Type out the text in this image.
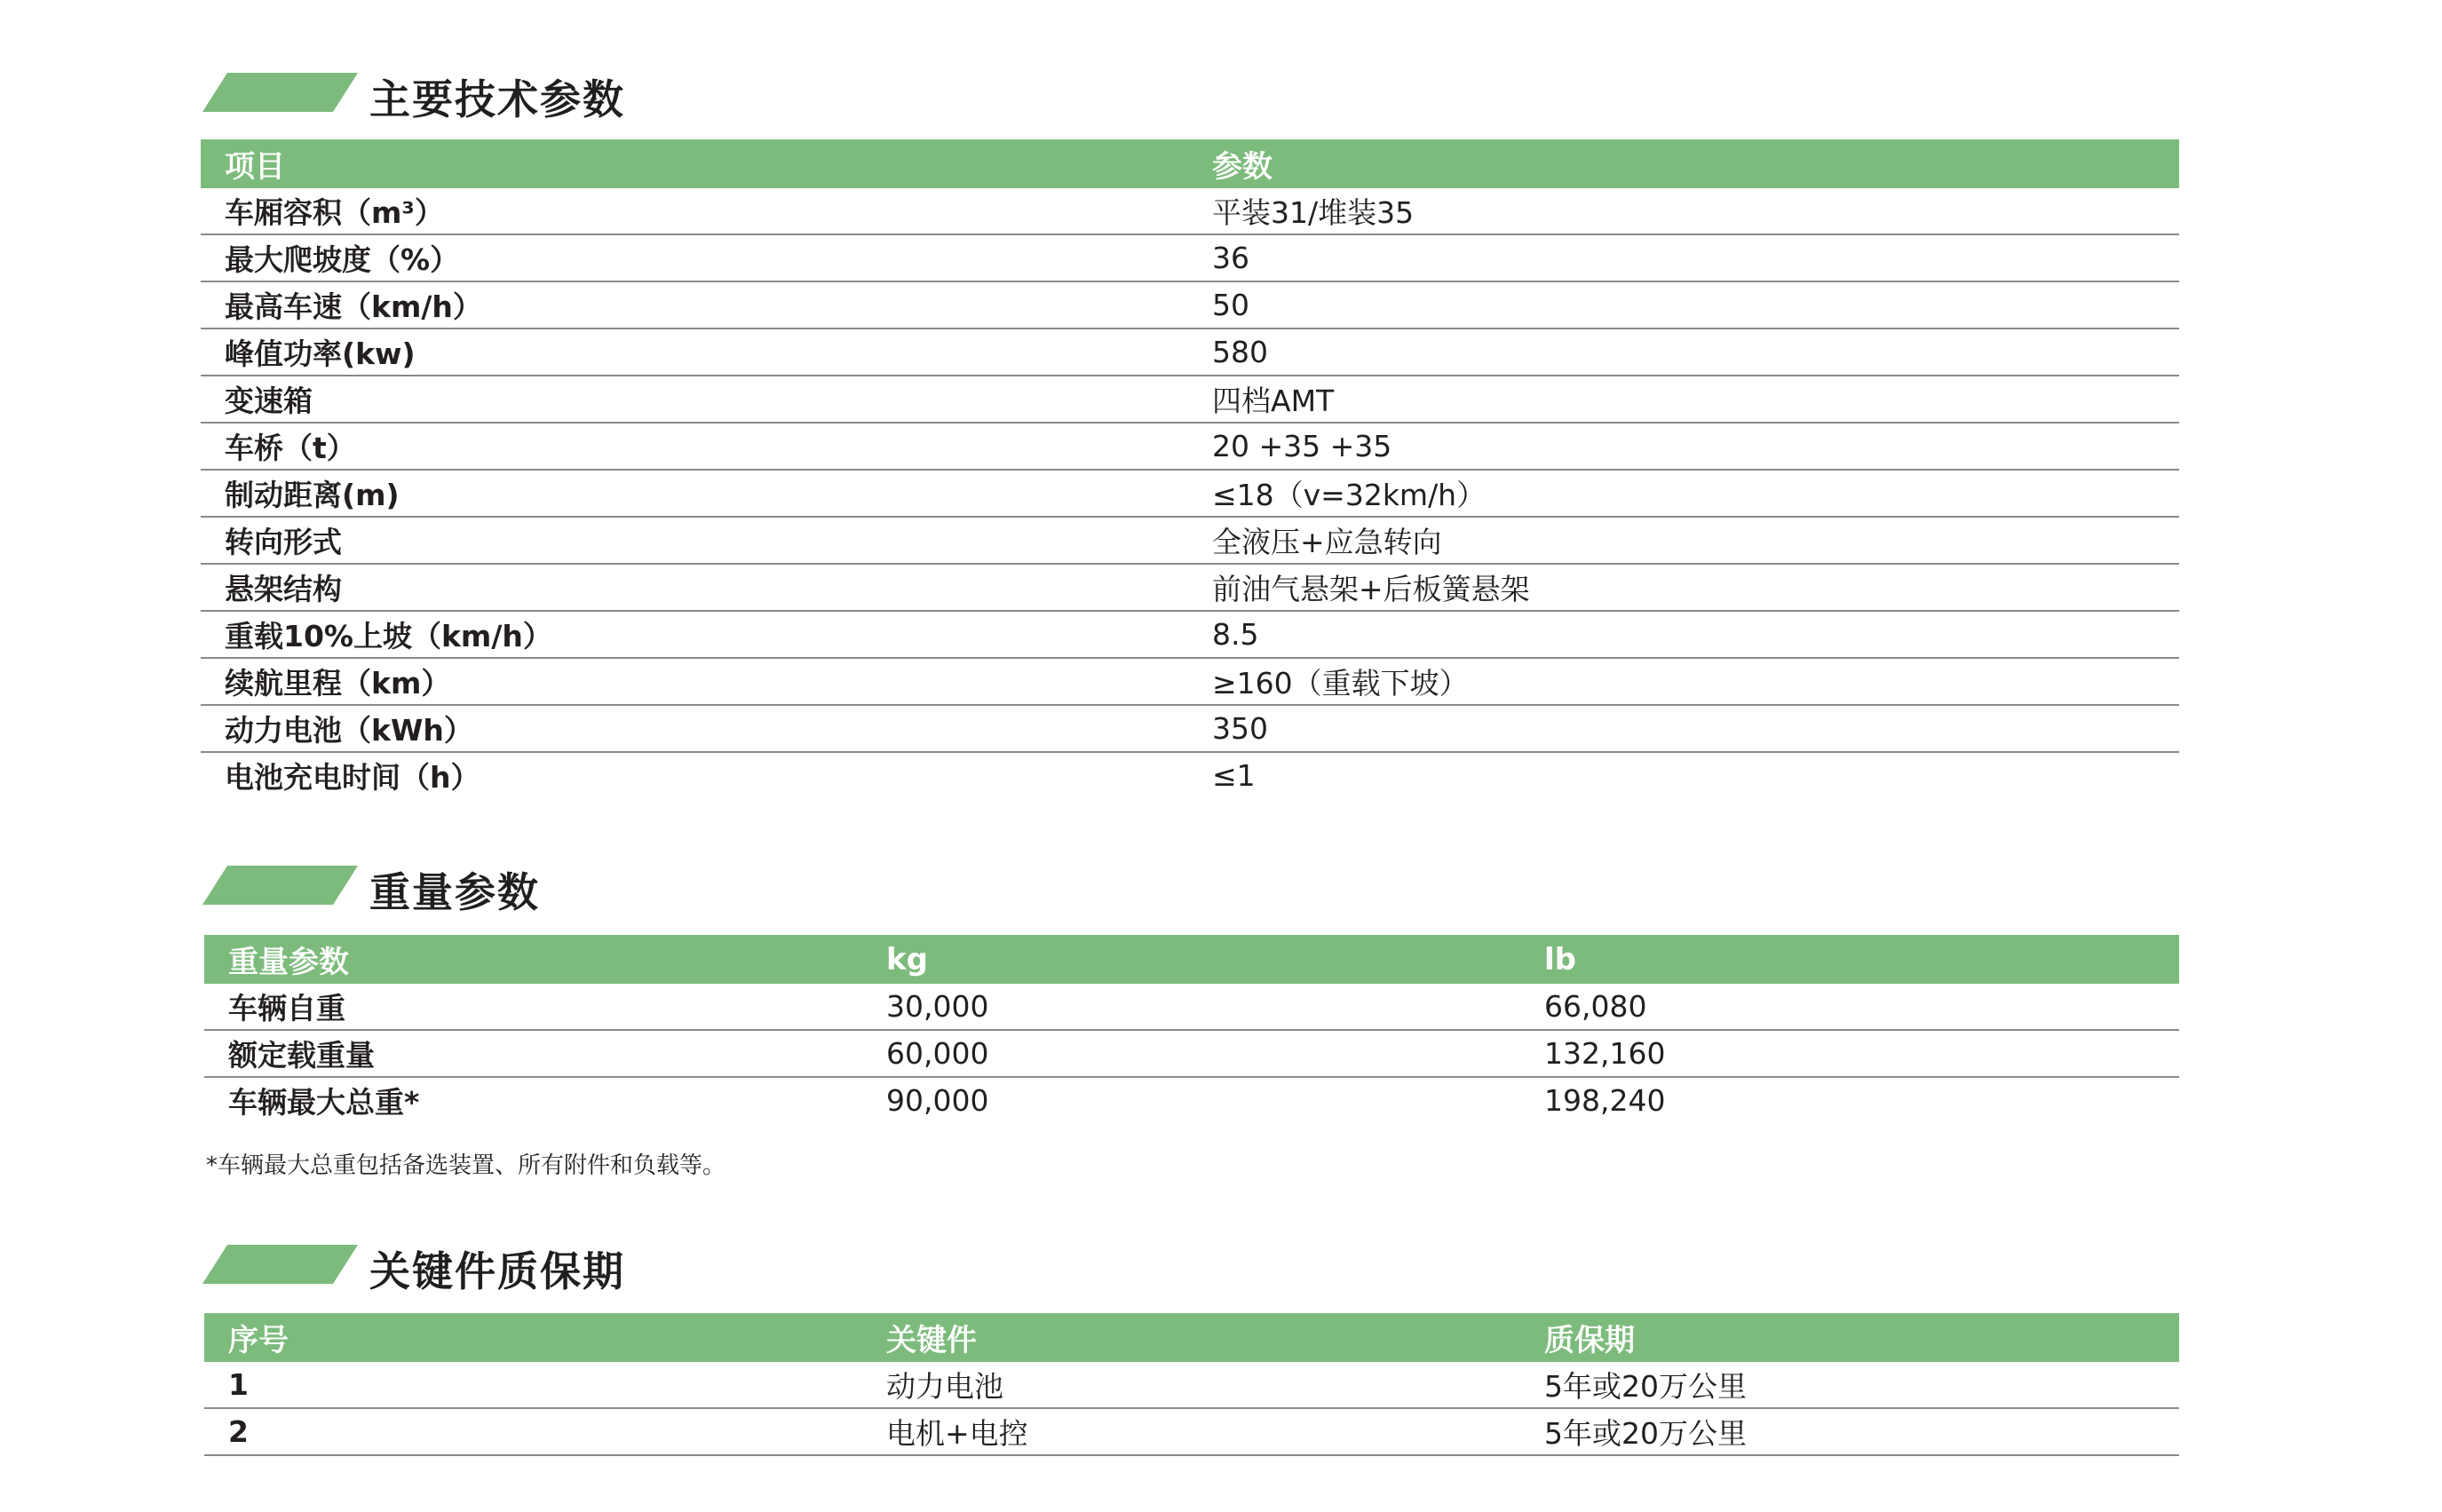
主要技术参数
项目	参数
车厢容积（m³）	平装31/堆装35
最大爬坡度（%）	36
最高车速（km/h）	50
峰值功率(kw)	580
变速箱	四档AMT
车桥（t）	20 +35 +35
制动距离(m)	≤18（v=32km/h）
转向形式	全液压+应急转向
悬架结构	前油气悬架+后板簧悬架
重载10%上坡（km/h）	8.5
续航里程（km）	≥160（重载下坡）
动力电池（kWh）	350
电池充电时间（h）	≤1
重量参数
重量参数	kg	lb
车辆自重	30,000	66,080
额定载重量	60,000	132,160
车辆最大总重*	90,000	198,240
*车辆最大总重包括备选装置、所有附件和负载等。
关键件质保期
序号	关键件	质保期
1	动力电池	5年或20万公里
2	电机+电控	5年或20万公里
